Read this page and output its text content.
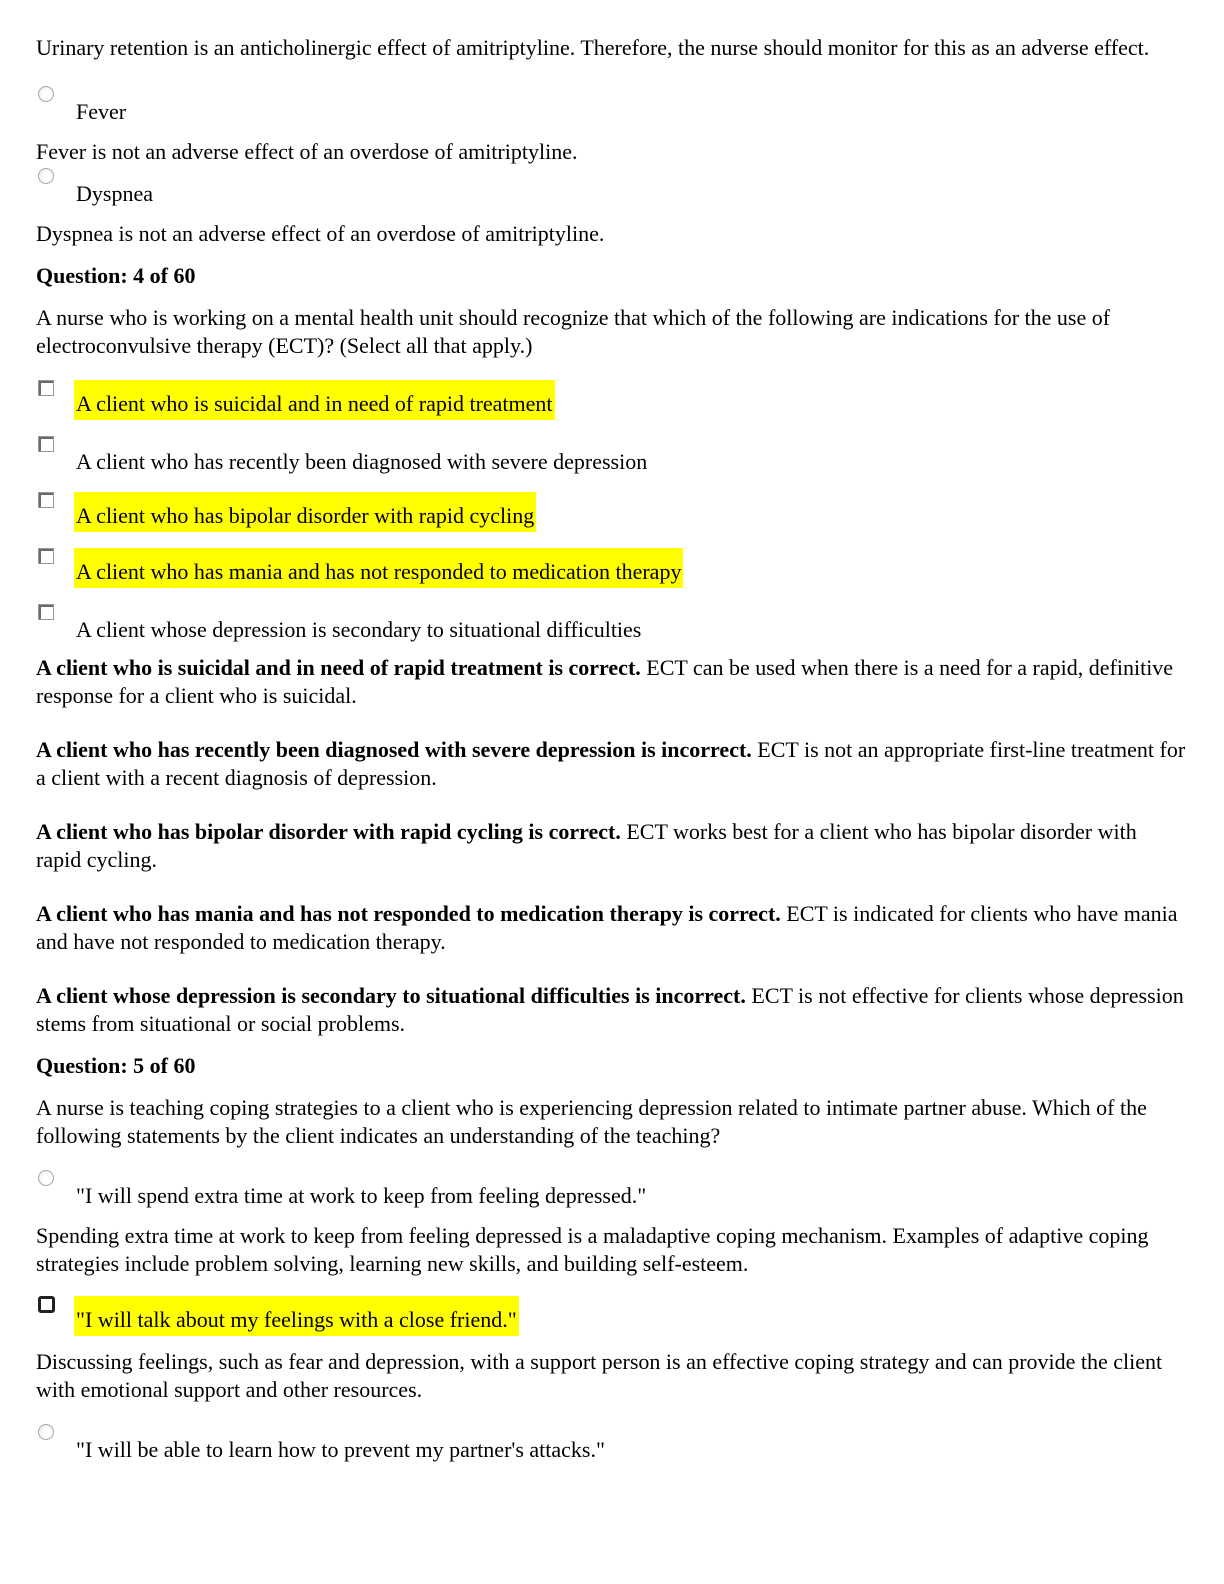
Urinary retention is an anticholinergic effect of amitriptyline. Therefore, the nurse should monitor for this as an adverse effect.

Fever

Fever is not an adverse effect of an overdose of amitriptyline.

Dyspnea

Dyspnea is not an adverse effect of an overdose of amitriptyline.

Question: 4 of 60

A nurse who is working on a mental health unit should recognize that which of the following are indications for the use of electroconvulsive therapy (ECT)? (Select all that apply.)

A client who is suicidal and in need of rapid treatment
A client who has recently been diagnosed with severe depression
A client who has bipolar disorder with rapid cycling
A client who has mania and has not responded to medication therapy
A client whose depression is secondary to situational difficulties

A client who is suicidal and in need of rapid treatment is correct. ECT can be used when there is a need for a rapid, definitive response for a client who is suicidal.

A client who has recently been diagnosed with severe depression is incorrect. ECT is not an appropriate first-line treatment for a client with a recent diagnosis of depression.

A client who has bipolar disorder with rapid cycling is correct. ECT works best for a client who has bipolar disorder with rapid cycling.

A client who has mania and has not responded to medication therapy is correct. ECT is indicated for clients who have mania and have not responded to medication therapy.

A client whose depression is secondary to situational difficulties is incorrect. ECT is not effective for clients whose depression stems from situational or social problems.

Question: 5 of 60

A nurse is teaching coping strategies to a client who is experiencing depression related to intimate partner abuse. Which of the following statements by the client indicates an understanding of the teaching?

"I will spend extra time at work to keep from feeling depressed."

Spending extra time at work to keep from feeling depressed is a maladaptive coping mechanism. Examples of adaptive coping strategies include problem solving, learning new skills, and building self-esteem.

"I will talk about my feelings with a close friend."

Discussing feelings, such as fear and depression, with a support person is an effective coping strategy and can provide the client with emotional support and other resources.

"I will be able to learn how to prevent my partner's attacks."
